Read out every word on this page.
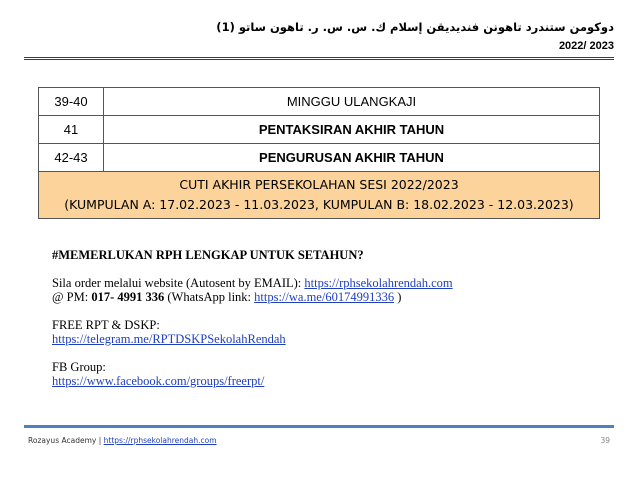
دوكومن ستندرد تاهونن فنديديقن إسلام ك. س. س. ر. تاهون ساتو (1)
2022/ 2023
39-40	MINGGU ULANGKAJI
41	PENTAKSIRAN AKHIR TAHUN
42-43	PENGURUSAN AKHIR TAHUN

CUTI AKHIR PERSEKOLAHAN SESI 2022/2023
(KUMPULAN A: 17.02.2023 - 11.03.2023, KUMPULAN B: 18.02.2023 - 12.03.2023)	
#MEMERLUKAN RPH LENGKAP UNTUK SETAHUN?
Sila order melalui website (Autosent by EMAIL): https://rphsekolahrendah.com
@ PM: 017- 4991 336 (WhatsApp link: https://wa.me/60174991336 )
FREE RPT & DSKP:
https://telegram.me/RPTDSKPSekolahRendah
FB Group:
https://www.facebook.com/groups/freerpt/
Rozayus Academy | https://rphsekolahrendah.com	39
